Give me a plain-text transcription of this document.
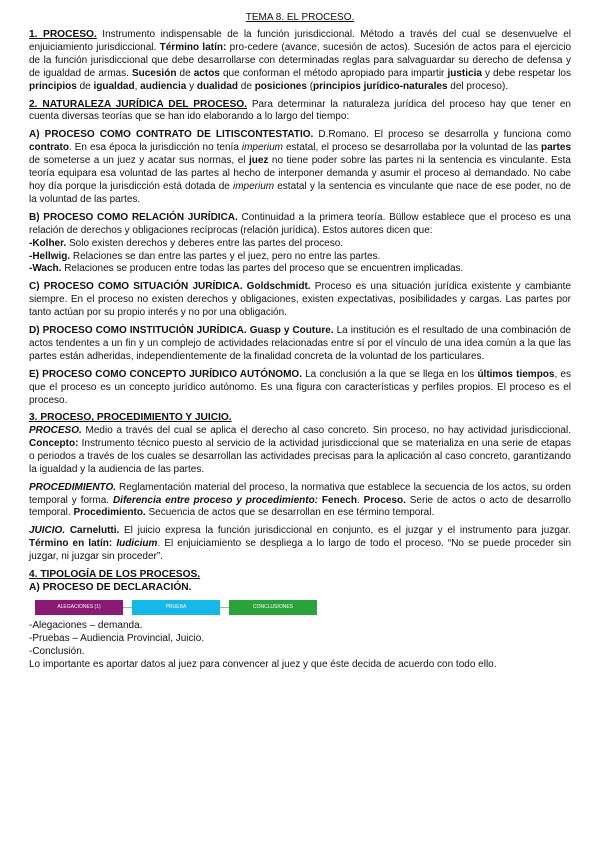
TEMA 8. EL PROCESO.

1. PROCESO. Instrumento indispensable de la función jurisdiccional. Método a través del cual se desenvuelve el enjuiciamiento jurisdiccional. Término latín: pro-cedere (avance, sucesión de actos). Sucesión de actos para el ejercicio de la función jurisdiccional que debe desarrollarse con determinadas reglas para salvaguardar su derecho de defensa y de igualdad de armas. Sucesión de actos que conforman el método apropiado para impartir justicia y debe respetar los principios de igualdad, audiencia y dualidad de posiciones (principios jurídico-naturales del proceso).

2. NATURALEZA JURÍDICA DEL PROCESO. Para determinar la naturaleza jurídica del proceso hay que tener en cuenta diversas teorías que se han ido elaborando a lo largo del tiempo:

A) PROCESO COMO CONTRATO DE LITISCONTESTATIO. D.Romano. El proceso se desarrolla y funciona como contrato. En esa época la jurisdicción no tenía imperium estatal, el proceso se desarrollaba por la voluntad de las partes de someterse a un juez y acatar sus normas, el juez no tiene poder sobre las partes ni la sentencia es vinculante. Esta teoría equipara esa voluntad de las partes al hecho de interponer demanda y asumir el proceso al demandado. No cabe hoy día porque la jurisdicción está dotada de imperium estatal y la sentencia es vinculante que nace de ese poder, no de la voluntad de las partes.

B) PROCESO COMO RELACIÓN JURÍDICA. Continuidad a la primera teoría. Büllow establece que el proceso es una relación de derechos y obligaciones recíprocas (relación jurídica). Estos autores dicen que:

-Kolher. Solo existen derechos y deberes entre las partes del proceso.
-Hellwig. Relaciones se dan entre las partes y el juez, pero no entre las partes.
-Wach. Relaciones se producen entre todas las partes del proceso que se encuentren implicadas.

C) PROCESO COMO SITUACIÓN JURÍDICA. Goldschmidt. Proceso es una situación jurídica existente y cambiante siempre. En el proceso no existen derechos y obligaciones, existen expectativas, posibilidades y cargas. Las partes por tanto actúan por su propio interés y no por una obligación.

D) PROCESO COMO INSTITUCIÓN JURÍDICA. Guasp y Couture. La institución es el resultado de una combinación de actos tendentes a un fin y un complejo de actividades relacionadas entre sí por el vínculo de una idea común a la que las partes están adheridas, independientemente de la finalidad concreta de la voluntad de los particulares.

E) PROCESO COMO CONCEPTO JURÍDICO AUTÓNOMO. La conclusión a la que se llega en los últimos tiempos, es que el proceso es un concepto jurídico autónomo. Es una figura con características y perfiles propios. El proceso es el proceso.

3. PROCESO, PROCEDIMIENTO Y JUICIO.

PROCESO. Medio a través del cual se aplica el derecho al caso concreto. Sin proceso, no hay actividad jurisdiccional. Concepto: Instrumento técnico puesto al servicio de la actividad jurisdiccional que se materializa en una serie de etapas o periodos a través de los cuales se desarrollan las actividades precisas para la aplicación al caso concreto, garantizando la igualdad y la audiencia de las partes.

PROCEDIMIENTO. Reglamentación material del proceso, la normativa que establece la secuencia de los actos, su orden temporal y forma. Diferencia entre proceso y procedimiento: Fenech. Proceso. Serie de actos o acto de desarrollo temporal. Procedimiento. Secuencia de actos que se desarrollan en ese término temporal.

JUICIO. Carnelutti. El juicio expresa la función jurisdiccional en conjunto, es el juzgar y el instrumento para juzgar. Término en latín: Iudicium. El enjuiciamiento se despliega a lo largo de todo el proceso. “No se puede proceder sin juzgar, ni juzgar sin proceder”.

4. TIPOLOGÍA DE LOS PROCESOS.
A) PROCESO DE DECLARACIÓN.
ALEGACIONES (1)	PRUEBA	CONCLUSIONES
-Alegaciones – demanda.
-Pruebas – Audiencia Provincial, Juicio.
-Conclusión.
Lo importante es aportar datos al juez para convencer al juez y que éste decida de acuerdo con todo ello.
